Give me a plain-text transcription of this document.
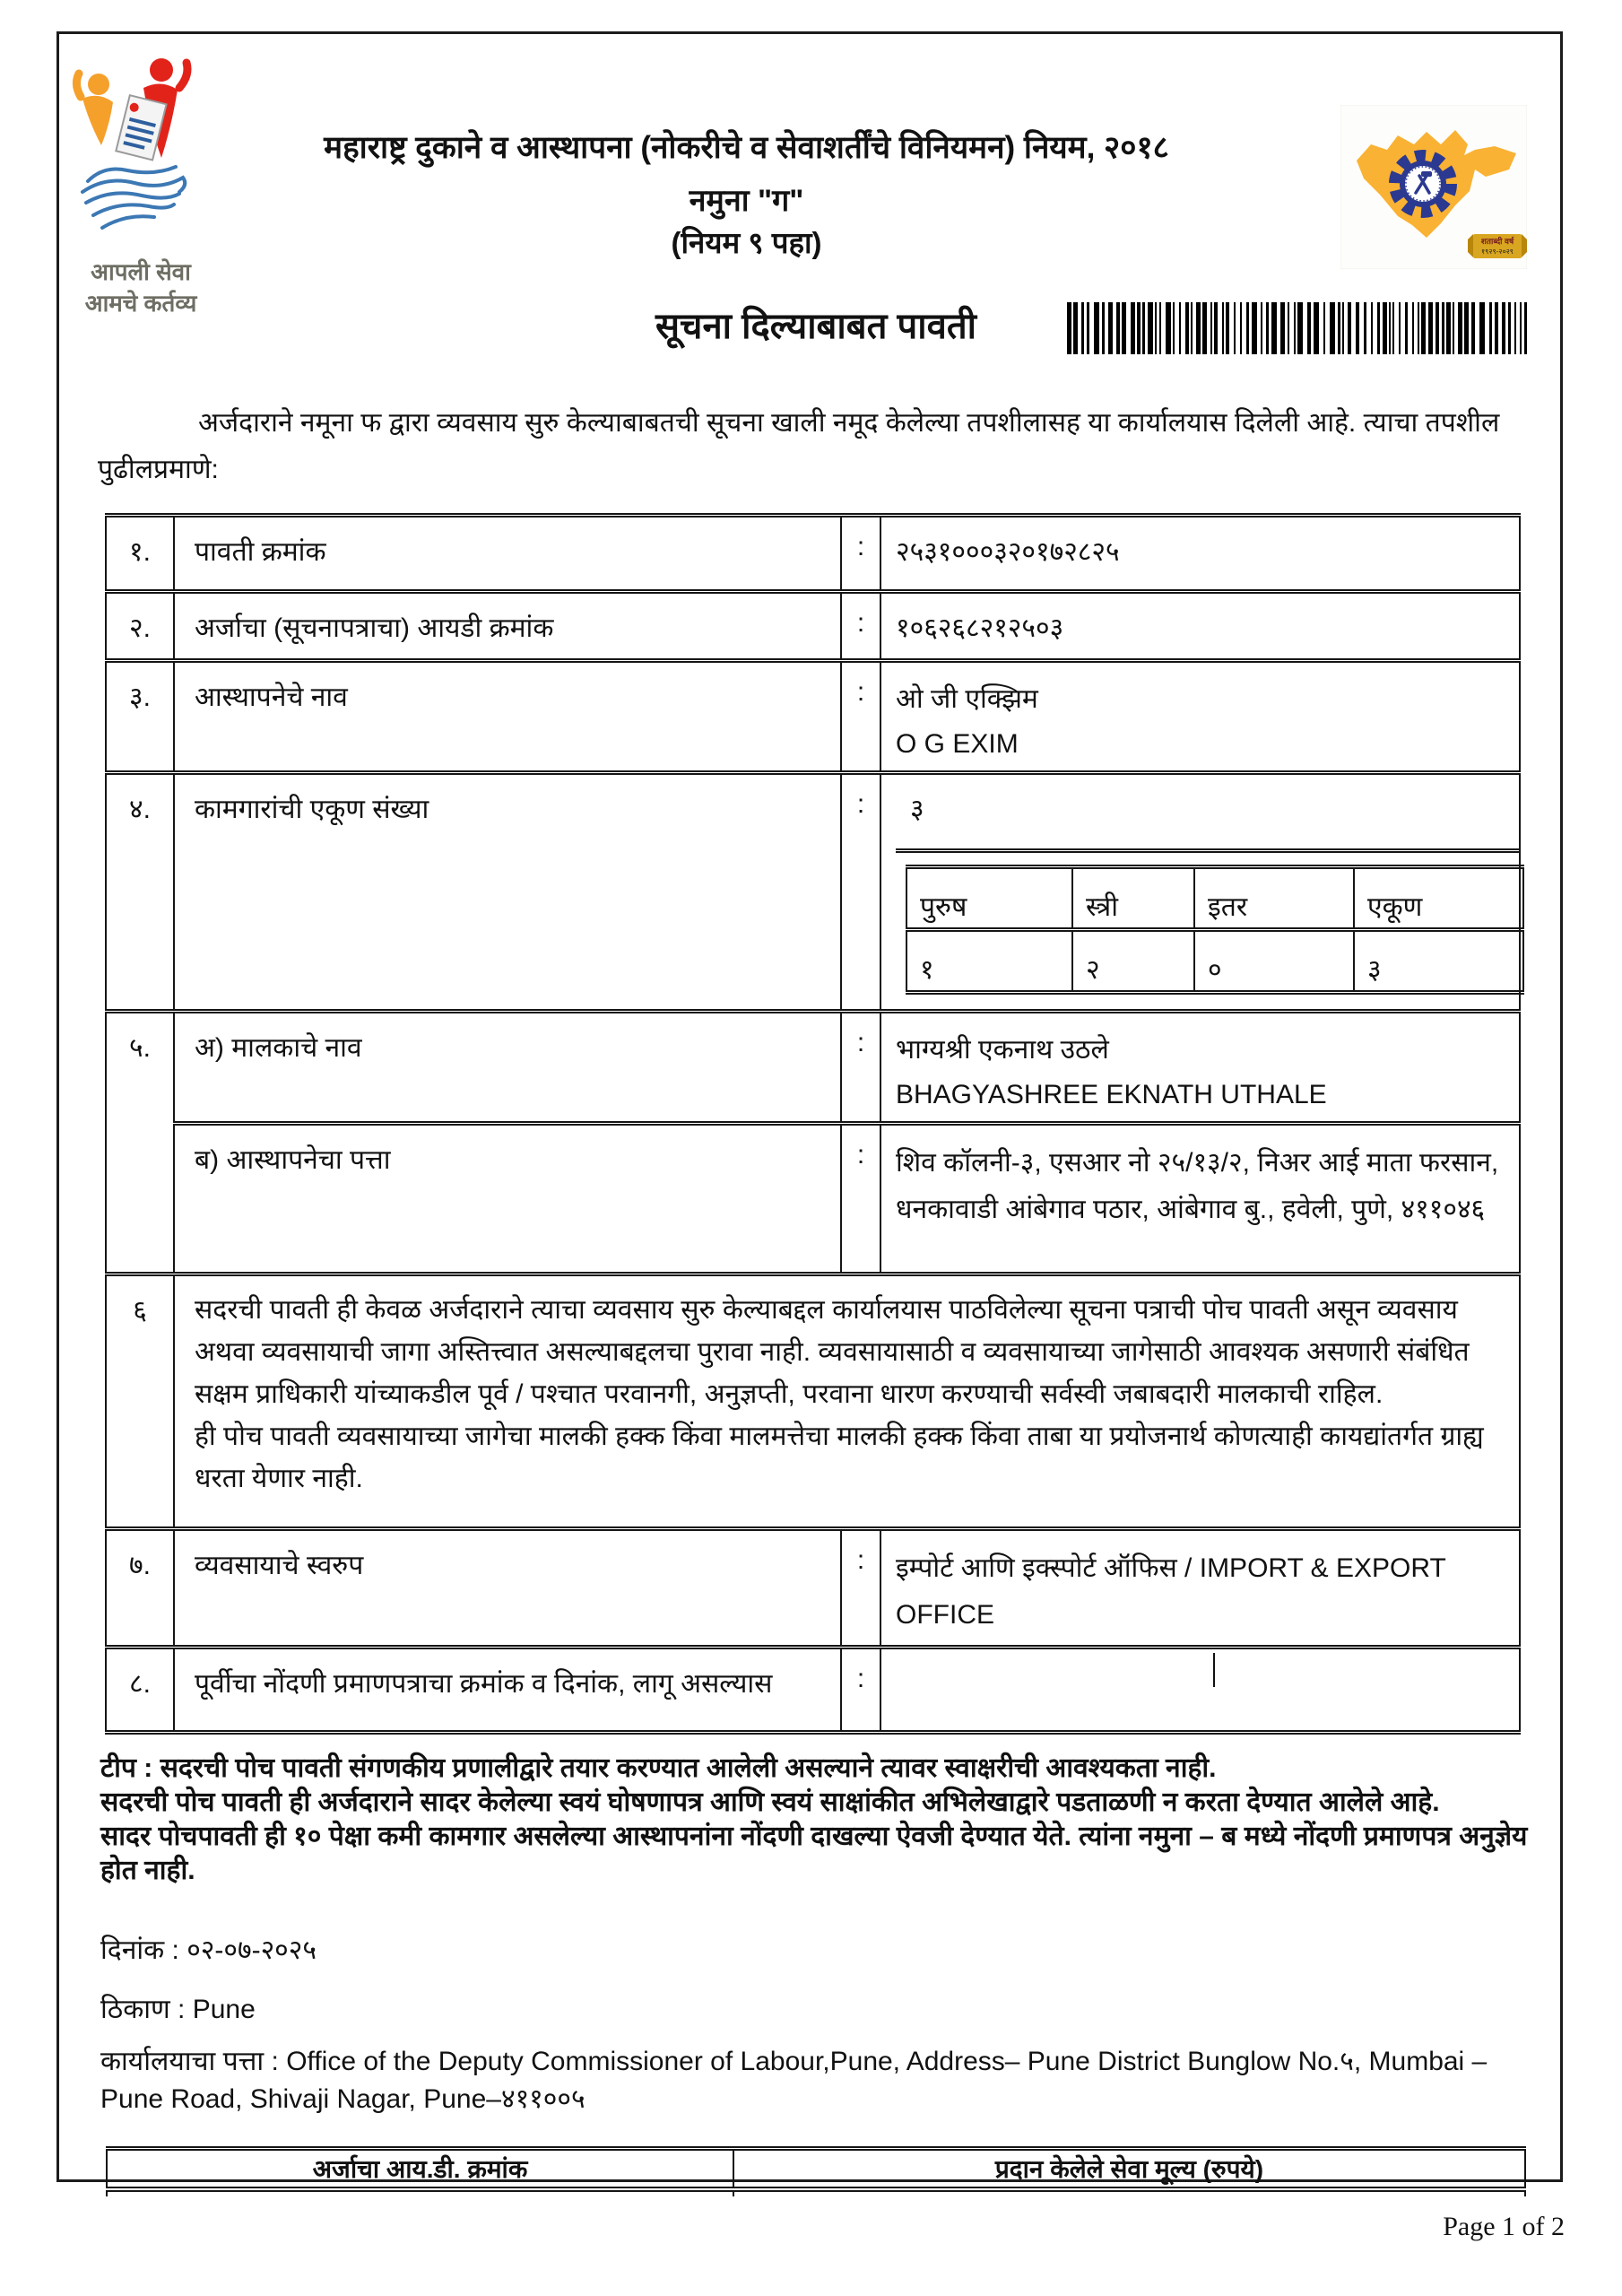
आपली सेवा
आमचे कर्तव्य
महाराष्ट्र दुकाने व आस्थापना (नोकरीचे व सेवाशर्तींचे विनियमन) नियम, २०१८
नमुना "ग"
(नियम ९ पहा)	शताब्दी वर्ष
१९२९-२०२९
सूचना दिल्याबाबत पावती

अर्जदाराने नमूना फ द्वारा व्यवसाय सुरु केल्याबाबतची सूचना खाली नमूद केलेल्या तपशीलासह या कार्यालयास दिलेली आहे. त्याचा तपशील पुढीलप्रमाणे:

१.	पावती क्रमांक	:	२५३१०००३२०१७२८२५
२.	अर्जाचा (सूचनापत्राचा) आयडी क्रमांक	:	१०६२६८२१२५०३
३.	आस्थापनेचे नाव	:	ओ जी एक्झिम
O G EXIM

४.	कामगारांची एकूण संख्या	:	३
पुरुष	स्त्री	इतर	एकूण
१	२	०	३

५.	अ) मालकाचे नाव	:	भाग्यश्री एकनाथ उठले
BHAGYASHREE EKNATH UTHALE

ब) आस्थापनेचा पत्ता	:	शिव कॉलनी-३, एसआर नो २५/१३/२, निअर आई माता फरसान, धनकावाडी आंबेगाव पठार, आंबेगाव बु., हवेली, पुणे, ४११०४६
६	सदरची पावती ही केवळ अर्जदाराने त्याचा व्यवसाय सुरु केल्याबद्दल कार्यालयास पाठविलेल्या सूचना पत्राची पोच पावती असून व्यवसाय अथवा व्यवसायाची जागा अस्तित्त्वात असल्याबद्दलचा पुरावा नाही. व्यवसायासाठी व व्यवसायाच्या जागेसाठी आवश्यक असणारी संबंधित सक्षम प्राधिकारी यांच्याकडील पूर्व / पश्चात परवानगी, अनुज्ञप्ती, परवाना धारण करण्याची सर्वस्वी जबाबदारी मालकाची राहिल.

ही पोच पावती व्यवसायाच्या जागेचा मालकी हक्क किंवा मालमत्तेचा मालकी हक्क किंवा ताबा या प्रयोजनार्थ कोणत्याही कायद्यांतर्गत ग्राह्य धरता येणार नाही.

७.	व्यवसायाचे स्वरुप	:	इम्पोर्ट आणि इक्स्पोर्ट ऑफिस / IMPORT & EXPORT OFFICE
८.	पूर्वीचा नोंदणी प्रमाणपत्राचा क्रमांक व दिनांक, लागू असल्यास	:	

टीप : सदरची पोच पावती संगणकीय प्रणालीद्वारे तयार करण्यात आलेली असल्याने त्यावर स्वाक्षरीची आवश्यकता नाही.

सदरची पोच पावती ही अर्जदाराने सादर केलेल्या स्वयं घोषणापत्र आणि स्वयं साक्षांकीत अभिलेखाद्वारे पडताळणी न करता देण्यात आलेले आहे.

सादर पोचपावती ही १० पेक्षा कमी कामगार असलेल्या आस्थापनांना नोंदणी दाखल्या ऐवजी देण्यात येते. त्यांना नमुना – ब मध्ये नोंदणी प्रमाणपत्र अनुज्ञेय होत नाही.

दिनांक : ०२-०७-२०२५
ठिकाण : Pune

कार्यालयाचा पत्ता : Office of the Deputy Commissioner of Labour,Pune, Address– Pune District Bunglow No.५, Mumbai – Pune Road, Shivaji Nagar, Pune–४११००५

अर्जाचा आय.डी. क्रमांक	प्रदान केलेले सेवा मूल्य (रुपये)

Page 1 of 2
